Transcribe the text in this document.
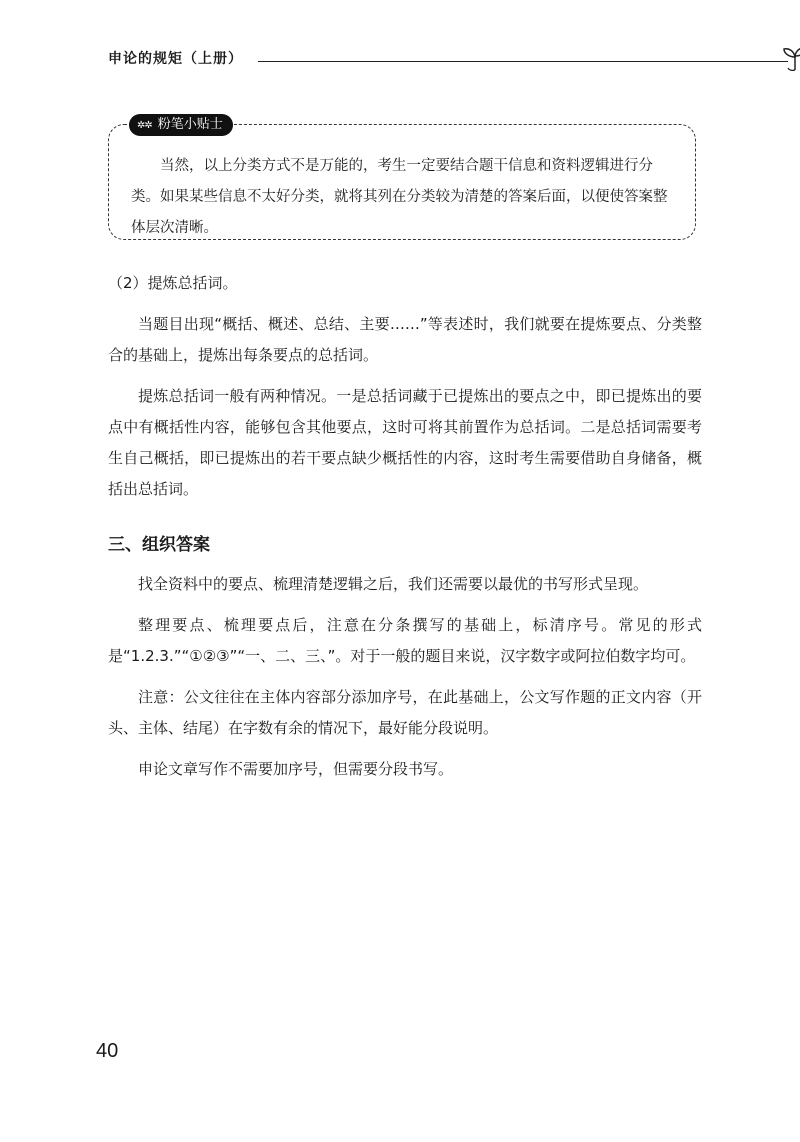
申论的规矩（上册）
✲✲ 粉笔小贴士
当然，以上分类方式不是万能的，考生一定要结合题干信息和资料逻辑进行分类。如果某些信息不太好分类，就将其列在分类较为清楚的答案后面，以便使答案整体层次清晰。

（2）提炼总括词。

当题目出现“概括、概述、总结、主要……”等表述时，我们就要在提炼要点、分类整合的基础上，提炼出每条要点的总括词。

提炼总括词一般有两种情况。一是总括词藏于已提炼出的要点之中，即已提炼出的要点中有概括性内容，能够包含其他要点，这时可将其前置作为总括词。二是总括词需要考生自己概括，即已提炼出的若干要点缺少概括性的内容，这时考生需要借助自身储备，概括出总括词。

三、组织答案

找全资料中的要点、梳理清楚逻辑之后，我们还需要以最优的书写形式呈现。

整理要点、梳理要点后，注意在分条撰写的基础上，标清序号。常见的形式是“1.2.3.”“①②③”“一、二、三、”。对于一般的题目来说，汉字数字或阿拉伯数字均可。

注意：公文往往在主体内容部分添加序号，在此基础上，公文写作题的正文内容（开头、主体、结尾）在字数有余的情况下，最好能分段说明。

申论文章写作不需要加序号，但需要分段书写。

40
